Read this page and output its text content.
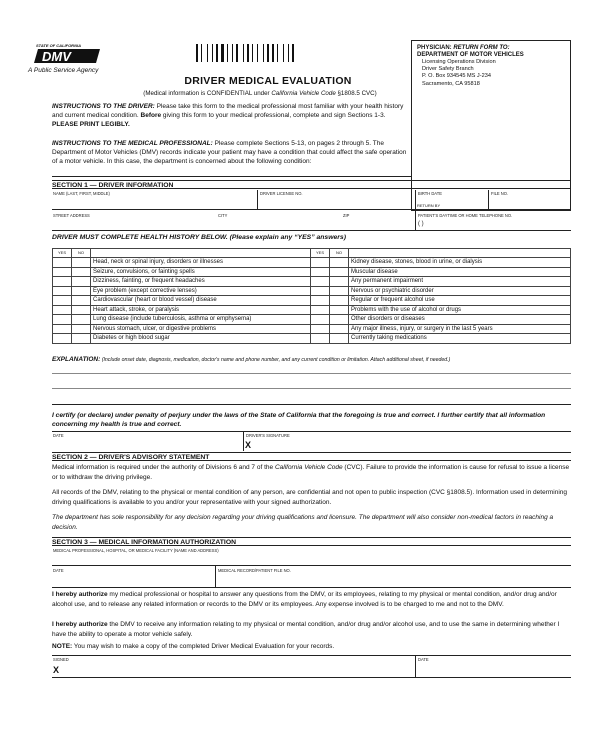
STATE OF CALIFORNIA
DMV
A Public Service Agency
DRIVER MEDICAL EVALUATION
(Medical information is CONFIDENTIAL under California Vehicle Code §1808.5 CVC)
PHYSICIAN: RETURN FORM TO:
DEPARTMENT OF MOTOR VEHICLES
Licensing Operations Division
Driver Safety Branch
P. O. Box 934545 MS J-234
Sacramento, CA 95818
RETURN BY
INSTRUCTIONS TO THE DRIVER: Please take this form to the medical professional most familiar with your health history and current medical condition. Before giving this form to your medical professional, complete and sign Sections 1-3. PLEASE PRINT LEGIBLY.
INSTRUCTIONS TO THE MEDICAL PROFESSIONAL: Please complete Sections 5-13, on pages 2 through 5. The Department of Motor Vehicles (DMV) records indicate your patient may have a condition that could affect the safe operation of a motor vehicle. In this case, the department is concerned about the following condition:
SECTION 1 — DRIVER INFORMATION
NAME (LAST, FIRST, MIDDLE)	DRIVER LICENSE NO.	BIRTH DATE	FILE NO.
STREET ADDRESS	CITY	ZIP	PATIENT'S DAYTIME OR HOME TELEPHONE NO.
( )
DRIVER MUST COMPLETE HEALTH HISTORY BELOW. (Please explain any “YES” answers)
YES	NO		YES	NO	
		Head, neck or spinal injury, disorders or illnesses			Kidney disease, stones, blood in urine, or dialysis
		Seizure, convulsions, or fainting spells			Muscular disease
		Dizziness, fainting, or frequent headaches			Any permanent impairment
		Eye problem (except corrective lenses)			Nervous or psychiatric disorder
		Cardiovascular (heart or blood vessel) disease			Regular or frequent alcohol use
		Heart attack, stroke, or paralysis			Problems with the use of alcohol or drugs
		Lung disease (include tuberculosis, asthma or emphysema)			Other disorders or diseases
		Nervous stomach, ulcer, or digestive problems			Any major illness, injury, or surgery in the last 5 years
		Diabetes or high blood sugar			Currently taking medications
EXPLANATION: (Include onset date, diagnosis, medication, doctor's name and phone number, and any current condition or limitation. Attach additional sheet, if needed.)
I certify (or declare) under penalty of perjury under the laws of the State of California that the foregoing is true and correct. I further certify that all information concerning my health is true and correct.
DATE	DRIVER'S SIGNATURE
X
SECTION 2 — DRIVER'S ADVISORY STATEMENT
Medical information is required under the authority of Divisions 6 and 7 of the California Vehicle Code (CVC). Failure to provide the information is cause for refusal to issue a license or to withdraw the driving privilege.
All records of the DMV, relating to the physical or mental condition of any person, are confidential and not open to public inspection (CVC §1808.5). Information used in determining driving qualifications is available to you and/or your representative with your signed authorization.
The department has sole responsibility for any decision regarding your driving qualifications and licensure. The department will also consider non-medical factors in reaching a decision.
SECTION 3 — MEDICAL INFORMATION AUTHORIZATION
MEDICAL PROFESSIONAL, HOSPITAL, OR MEDICAL FACILITY (NAME AND ADDRESS)
DATE	MEDICAL RECORD/PATIENT FILE NO.
I hereby authorize my medical professional or hospital to answer any questions from the DMV, or its employees, relating to my physical or mental condition, and/or drug and/or alcohol use, and to release any related information or records to the DMV or its employees. Any expense involved is to be charged to me and not to the DMV.
I hereby authorize the DMV to receive any information relating to my physical or mental condition, and/or drug and/or alcohol use, and to use the same in determining whether I have the ability to operate a motor vehicle safely.
NOTE: You may wish to make a copy of the completed Driver Medical Evaluation for your records.
SIGNED	DATE
X
